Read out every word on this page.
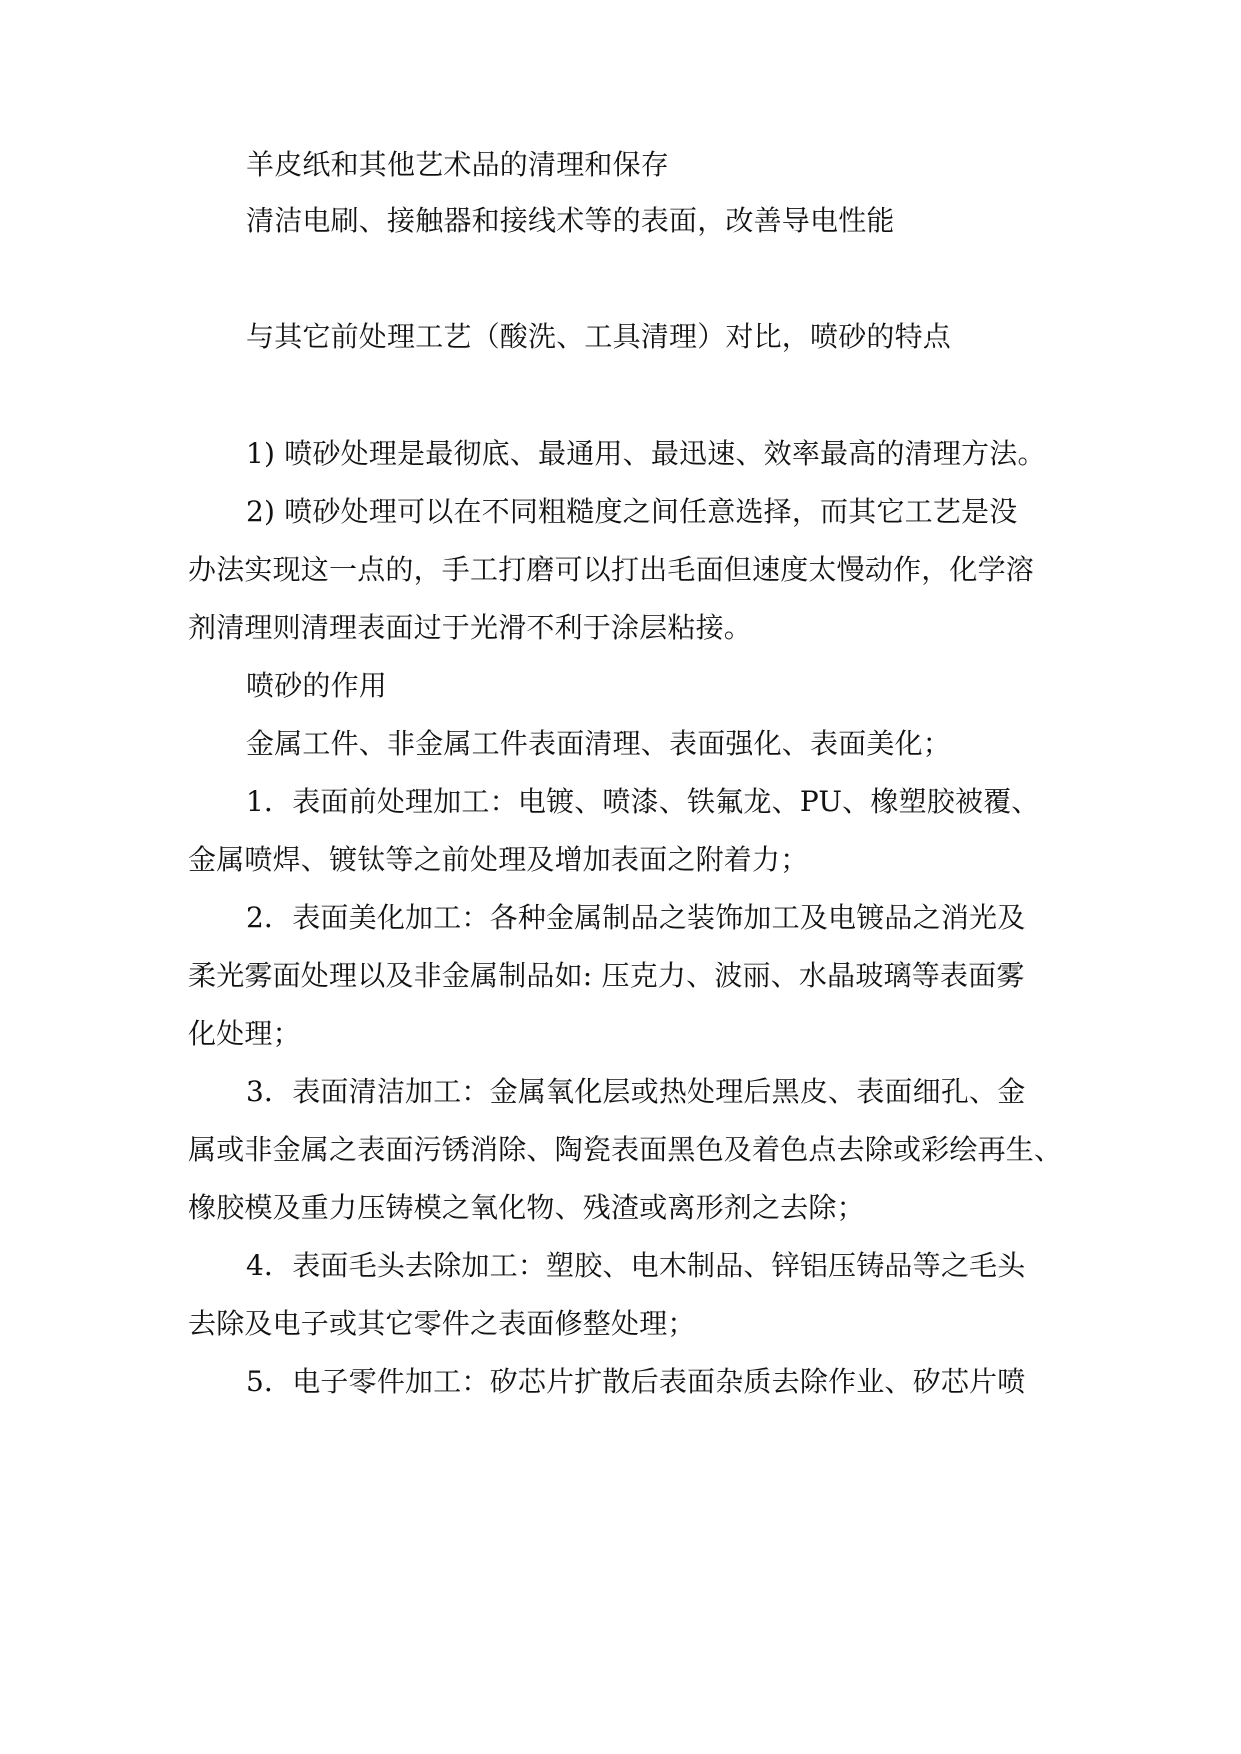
羊皮纸和其他艺术品的清理和保存
清洁电刷、接触器和接线术等的表面，改善导电性能
与其它前处理工艺（酸洗、工具清理）对比，喷砂的特点
1) 喷砂处理是最彻底、最通用、最迅速、效率最高的清理方法。
2) 喷砂处理可以在不同粗糙度之间任意选择，而其它工艺是没
办法实现这一点的，手工打磨可以打出毛面但速度太慢动作，化学溶
剂清理则清理表面过于光滑不利于涂层粘接。
喷砂的作用
金属工件、非金属工件表面清理、表面强化、表面美化；
1．表面前处理加工：电镀、喷漆、铁氟龙、PU、橡塑胶被覆、
金属喷焊、镀钛等之前处理及增加表面之附着力；
2．表面美化加工：各种金属制品之装饰加工及电镀品之消光及
柔光雾面处理以及非金属制品如: 压克力、波丽、水晶玻璃等表面雾
化处理；
3．表面清洁加工：金属氧化层或热处理后黑皮、表面细孔、金
属或非金属之表面污锈消除、陶瓷表面黑色及着色点去除或彩绘再生、
橡胶模及重力压铸模之氧化物、残渣或离形剂之去除；
4．表面毛头去除加工：塑胶、电木制品、锌铝压铸品等之毛头
去除及电子或其它零件之表面修整处理；
5．电子零件加工：矽芯片扩散后表面杂质去除作业、矽芯片喷
